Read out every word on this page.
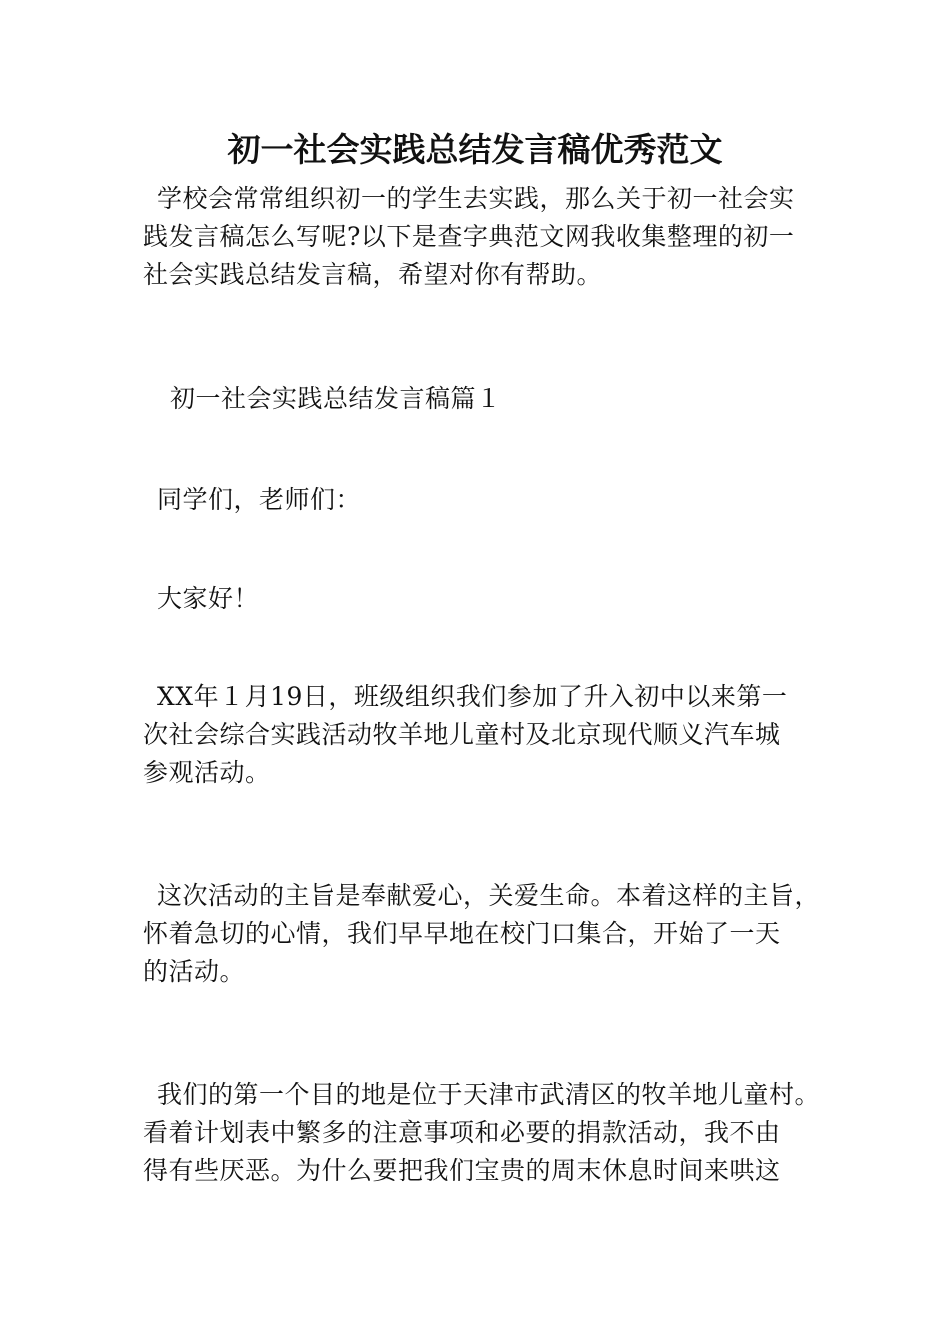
初一社会实践总结发言稿优秀范文
学校会常常组织初一的学生去实践，那么关于初一社会实
践发言稿怎么写呢?以下是查字典范文网我收集整理的初一
社会实践总结发言稿，希望对你有帮助。
初一社会实践总结发言稿篇１
同学们，老师们：
大家好！
XX年１月19日，班级组织我们参加了升入初中以来第一
次社会综合实践活动牧羊地儿童村及北京现代顺义汽车城
参观活动。
这次活动的主旨是奉献爱心，关爱生命。本着这样的主旨，
怀着急切的心情，我们早早地在校门口集合，开始了一天
的活动。
我们的第一个目的地是位于天津市武清区的牧羊地儿童村。
看着计划表中繁多的注意事项和必要的捐款活动，我不由
得有些厌恶。为什么要把我们宝贵的周末休息时间来哄这
